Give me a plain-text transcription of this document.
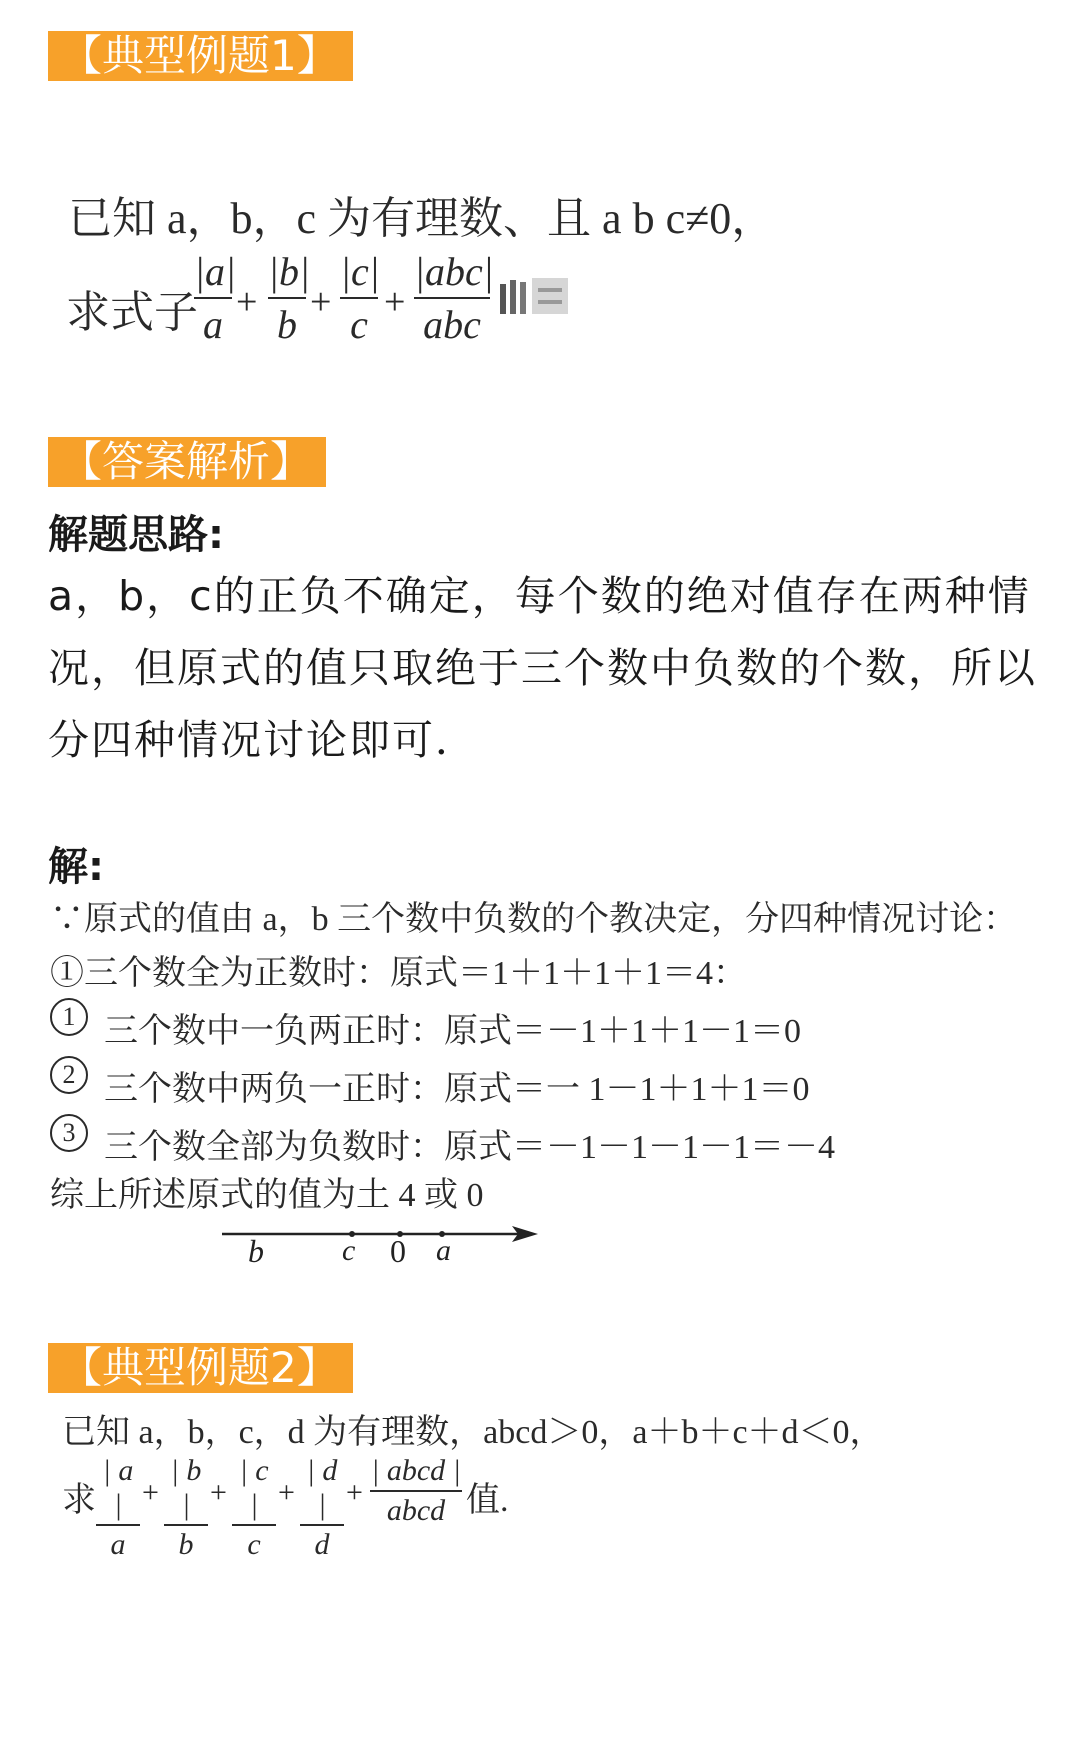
【典型例题1】
已知 a，b，c 为有理数、且 a b c≠0，
求式子
|a|
a +
|b|
b +
|c|
c +
|abc|
abc
【答案解析】
解题思路:
a，b，c的正负不确定，每个数的绝对值存在两种情况，但原式的值只取绝于三个数中负数的个数，所以分四种情况讨论即可．
解:
∵原式的值由 a，b 三个数中负数的个教决定，分四种情况讨论：
①三个数全为正数时：原式＝1＋1＋1＋1＝4：
1 三个数中一负两正时：原式＝－1＋1＋1－1＝0
2 三个数中两负一正时：原式＝一 1－1＋1＋1＝0
3 三个数全部为负数时：原式＝－1－1－1－1＝－4
综上所述原式的值为土 4 或 0
b	c 0 a
【典型例题2】
已知 a，b，c，d 为有理数，abcd＞0，a＋b＋c＋d＜0，
求
| a |
a
+
| b |
b
+
| c |
c
+
| d |
d
+
| abcd |
abcd 值.
